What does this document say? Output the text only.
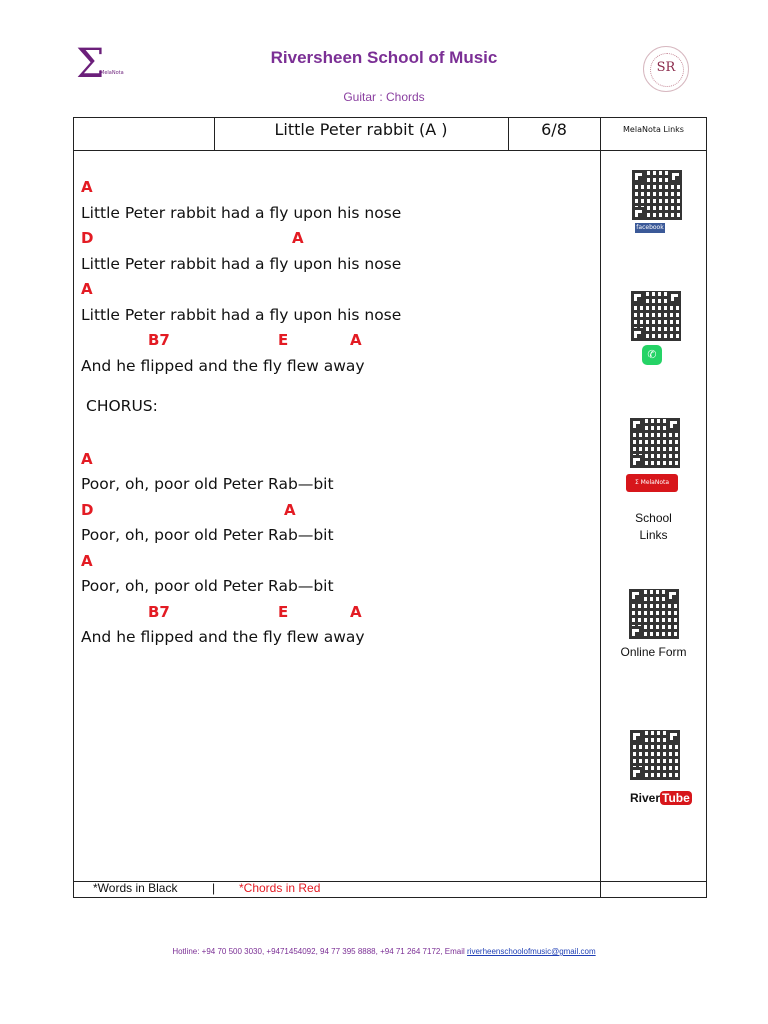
Σ
MelaNota
Riversheen School of Music
Guitar : Chords
SR
Little Peter rabbit (A )	6/8	MelaNota Links
A
Little Peter rabbit had a fly upon his nose
D	A
Little Peter rabbit had a fly upon his nose
A
Little Peter rabbit had a fly upon his nose
B7	E	A
And he flipped and the fly flew away
CHORUS:
A
Poor, oh, poor old Peter Rab—bit
D	A
Poor, oh, poor old Peter Rab—bit
A
Poor, oh, poor old Peter Rab—bit
B7	E	A
And he flipped and the fly flew away
facebook
✆
Σ MelaNota
School
Links
Online Form
River Tube
*Words in Black	| *Chords in Red
Hotline: +94 70 500 3030, +9471454092, 94 77 395 8888, +94 71 264 7172, Email riverheenschoolofmusic@gmail.com
